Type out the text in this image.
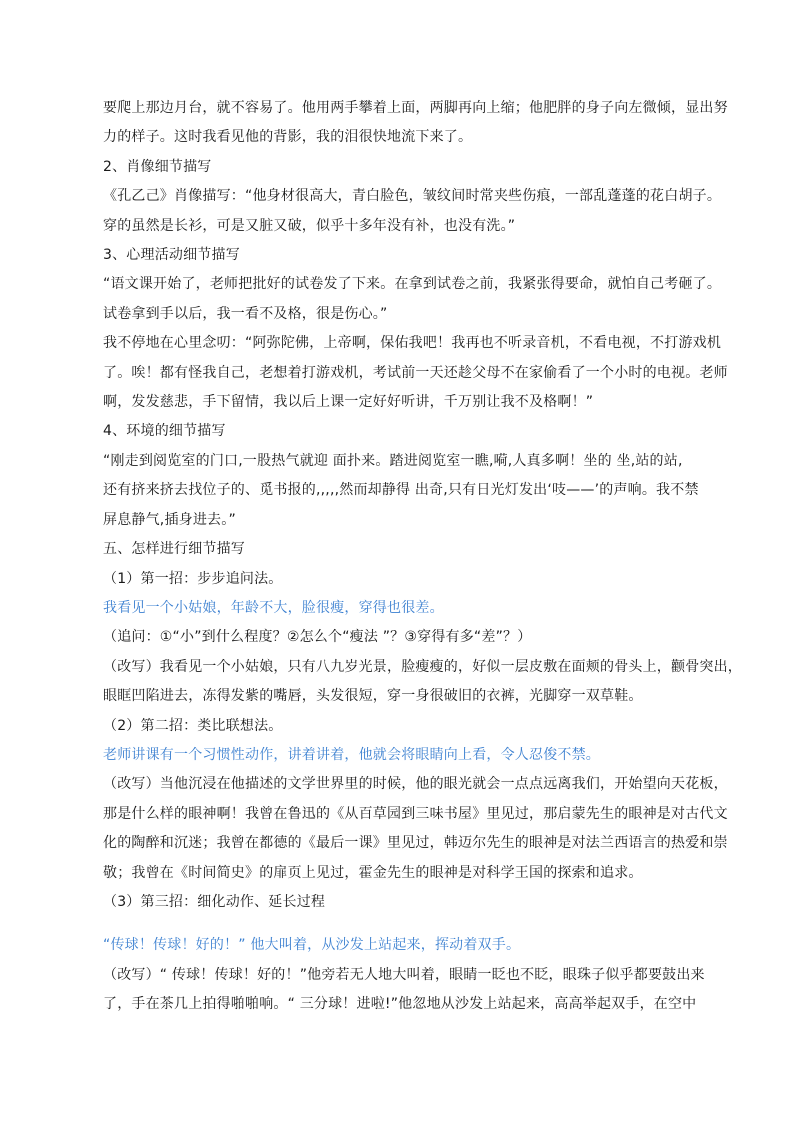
要爬上那边月台，就不容易了。他用两手攀着上面，两脚再向上缩；他肥胖的身子向左微倾，显出努
力的样子。这时我看见他的背影，我的泪很快地流下来了。
2、肖像细节描写
《孔乙己》肖像描写：“他身材很高大，青白脸色，皱纹间时常夹些伤痕，一部乱蓬蓬的花白胡子。
穿的虽然是长衫，可是又脏又破，似乎十多年没有补，也没有洗。”
3、心理活动细节描写
“语文课开始了，老师把批好的试卷发了下来。在拿到试卷之前，我紧张得要命，就怕自己考砸了。
试卷拿到手以后，我一看不及格，很是伤心。”
我不停地在心里念叨：“阿弥陀佛，上帝啊，保佑我吧！我再也不听录音机，不看电视，不打游戏机
了。唉！都有怪我自己，老想着打游戏机，考试前一天还趁父母不在家偷看了一个小时的电视。老师
啊，发发慈悲，手下留情，我以后上课一定好好听讲，千万别让我不及格啊！”
4、环境的细节描写
“刚走到阅览室的门口,一股热气就迎 面扑来。踏进阅览室一瞧,嗬,人真多啊！坐的 坐,站的站,
还有挤来挤去找位子的、觅书报的,,,,,然而却静得 出奇,只有日光灯发出‘吱——’的声响。我不禁
屏息静气,插身进去。”
五、怎样进行细节描写
（1）第一招：步步追问法。
我看见一个小姑娘，年龄不大，脸很瘦，穿得也很差。
（追问：①“小”到什么程度？②怎么个“瘦法 ”？③穿得有多“差”？）
（改写）我看见一个小姑娘，只有八九岁光景，脸瘦瘦的，好似一层皮敷在面颊的骨头上，颧骨突出，
眼眶凹陷进去，冻得发紫的嘴唇，头发很短，穿一身很破旧的衣裤，光脚穿一双草鞋。
（2）第二招：类比联想法。
老师讲课有一个习惯性动作，讲着讲着，他就会将眼睛向上看，令人忍俊不禁。
（改写）当他沉浸在他描述的文学世界里的时候，他的眼光就会一点点远离我们，开始望向天花板，
那是什么样的眼神啊！我曾在鲁迅的《从百草园到三味书屋》里见过，那启蒙先生的眼神是对古代文
化的陶醉和沉迷；我曾在都德的《最后一课》里见过，韩迈尔先生的眼神是对法兰西语言的热爱和崇
敬；我曾在《时间简史》的扉页上见过，霍金先生的眼神是对科学王国的探索和追求。
（3）第三招：细化动作、延长过程
“传球！传球！好的！” 他大叫着，从沙发上站起来，挥动着双手。
（改写）“ 传球！传球！好的！”他旁若无人地大叫着，眼睛一眨也不眨，眼珠子似乎都要鼓出来
了，手在茶几上拍得啪啪响。“ 三分球！进啦!”他忽地从沙发上站起来，高高举起双手，在空中
